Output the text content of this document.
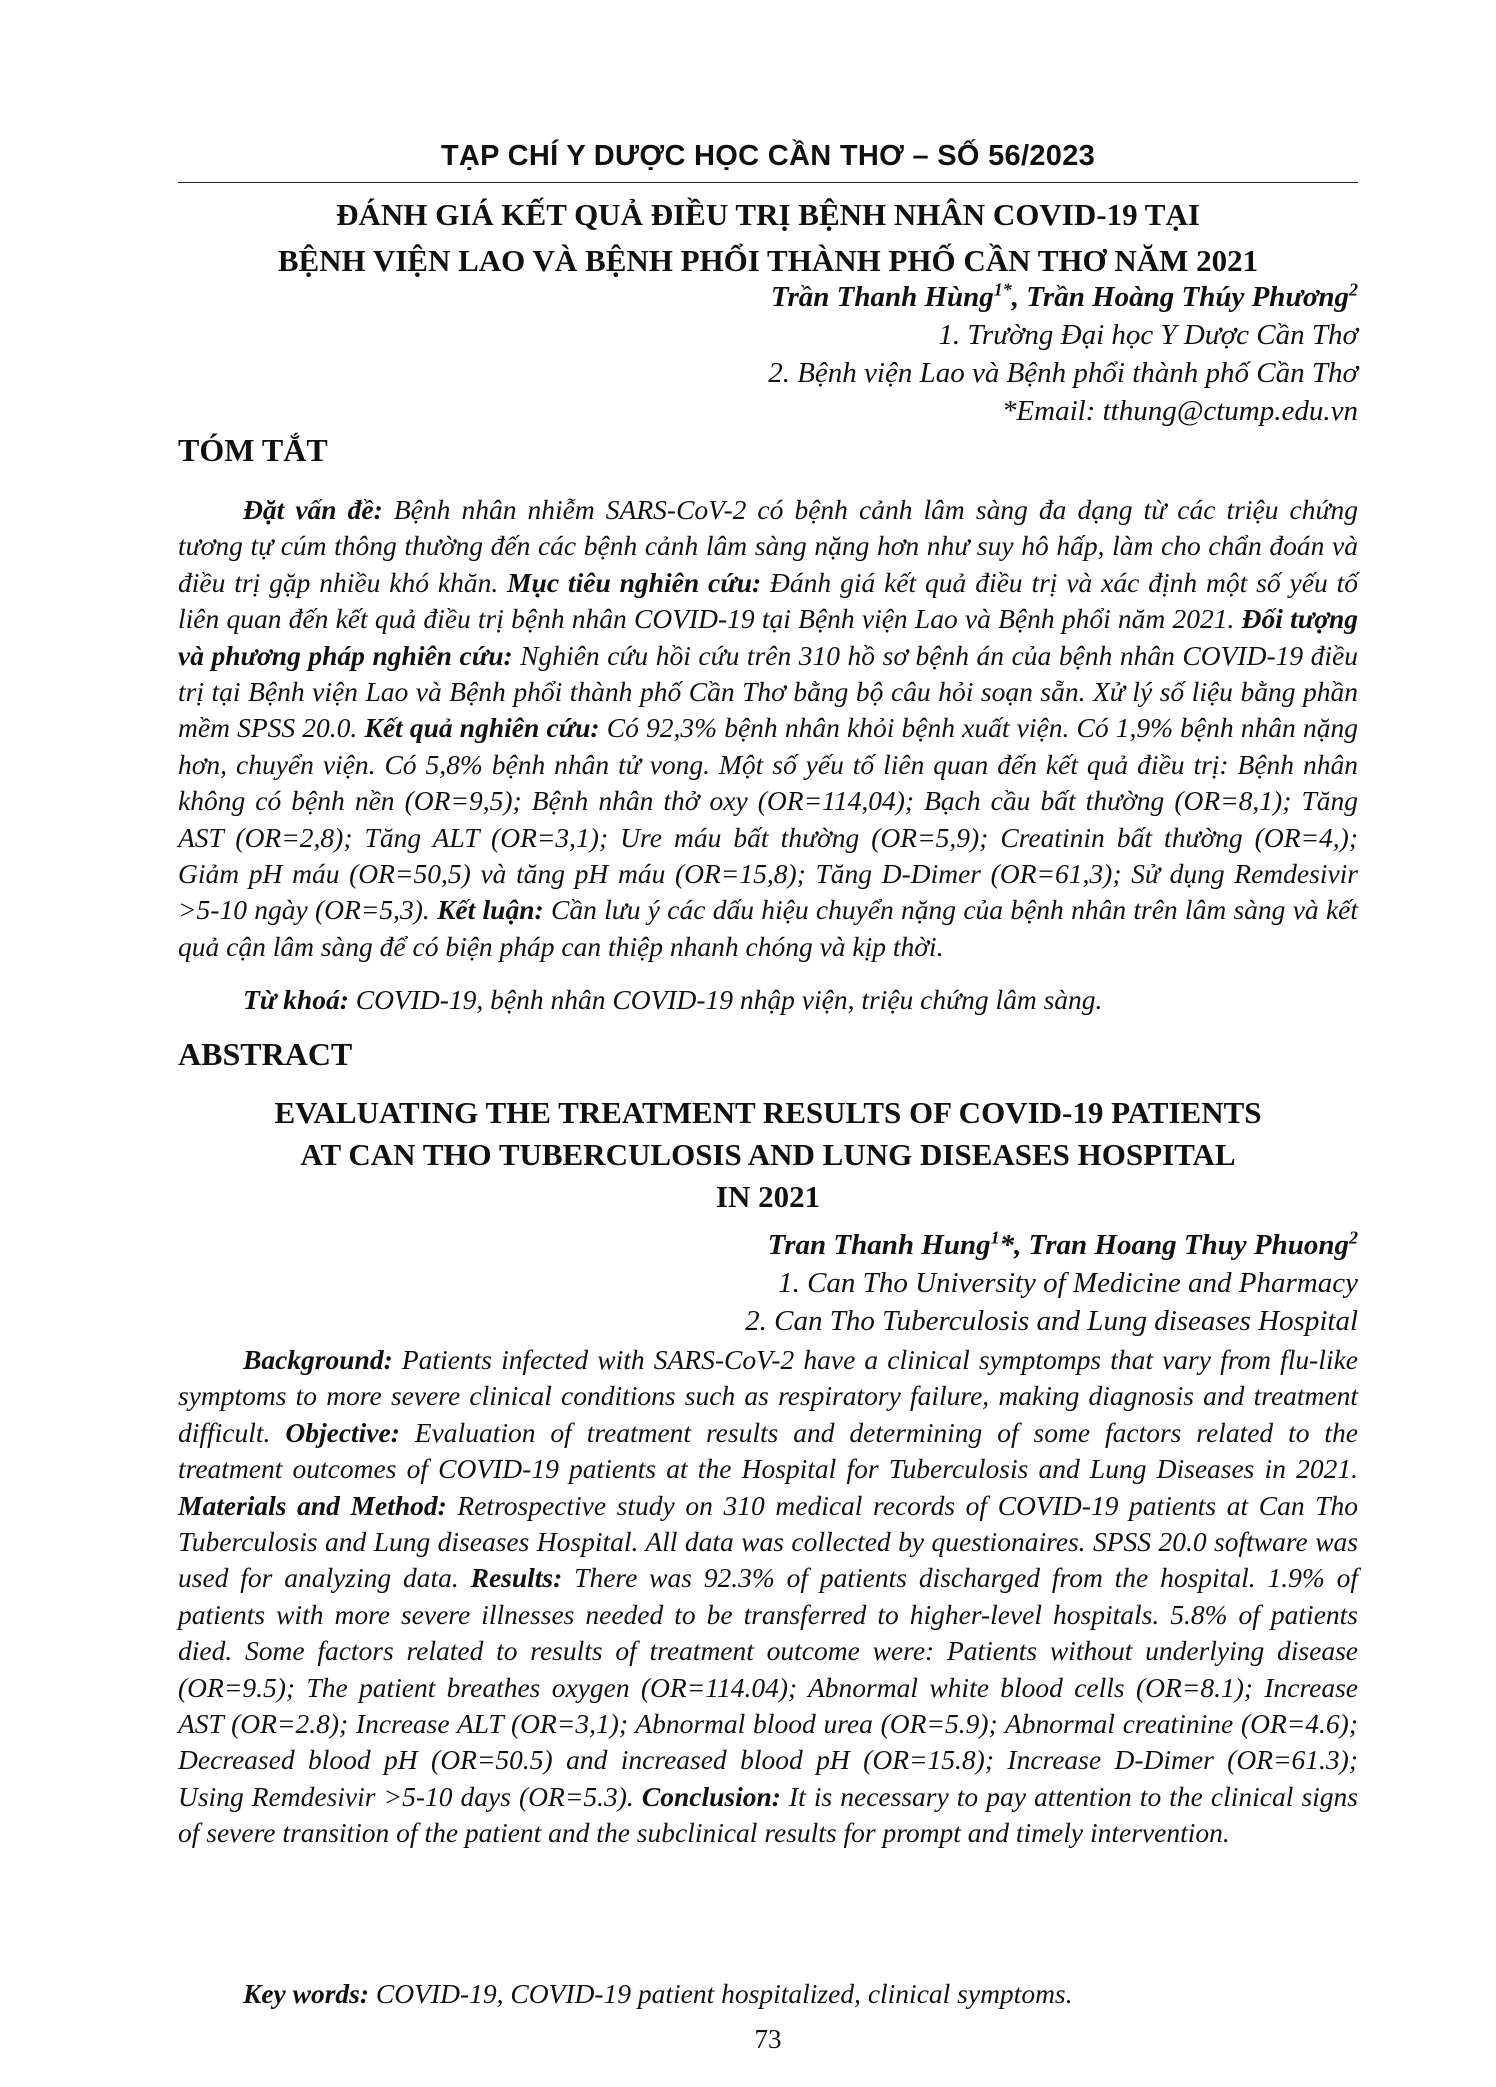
TẠP CHÍ Y DƯỢC HỌC CẦN THƠ – SỐ 56/2023
ĐÁNH GIÁ KẾT QUẢ ĐIỀU TRỊ BỆNH NHÂN COVID-19 TẠI
BỆNH VIỆN LAO VÀ BỆNH PHỔI THÀNH PHỐ CẦN THƠ NĂM 2021
Trần Thanh Hùng$^{1*}$, Trần Hoàng Thúy Phương$^2$
1. Trường Đại học Y Dược Cần Thơ
2. Bệnh viện Lao và Bệnh phổi thành phố Cần Thơ
*Email: tthung@ctump.edu.vn
TÓM TẮT

Đặt vấn đề: Bệnh nhân nhiễm SARS-CoV-2 có bệnh cảnh lâm sàng đa dạng từ các triệu chứng tương tự cúm thông thường đến các bệnh cảnh lâm sàng nặng hơn như suy hô hấp, làm cho chẩn đoán và điều trị gặp nhiều khó khăn. Mục tiêu nghiên cứu: Đánh giá kết quả điều trị và xác định một số yếu tố liên quan đến kết quả điều trị bệnh nhân COVID-19 tại Bệnh viện Lao và Bệnh phổi năm 2021. Đối tượng và phương pháp nghiên cứu: Nghiên cứu hồi cứu trên 310 hồ sơ bệnh án của bệnh nhân COVID-19 điều trị tại Bệnh viện Lao và Bệnh phổi thành phố Cần Thơ bằng bộ câu hỏi soạn sẵn. Xử lý số liệu bằng phần mềm SPSS 20.0. Kết quả nghiên cứu: Có 92,3% bệnh nhân khỏi bệnh xuất viện. Có 1,9% bệnh nhân nặng hơn, chuyển viện. Có 5,8% bệnh nhân tử vong. Một số yếu tố liên quan đến kết quả điều trị: Bệnh nhân không có bệnh nền (OR=9,5); Bệnh nhân thở oxy (OR=114,04); Bạch cầu bất thường (OR=8,1); Tăng AST (OR=2,8); Tăng ALT (OR=3,1); Ure máu bất thường (OR=5,9); Creatinin bất thường (OR=4,); Giảm pH máu (OR=50,5) và tăng pH máu (OR=15,8); Tăng D-Dimer (OR=61,3); Sử dụng Remdesivir >5-10 ngày (OR=5,3). Kết luận: Cần lưu ý các dấu hiệu chuyển nặng của bệnh nhân trên lâm sàng và kết quả cận lâm sàng để có biện pháp can thiệp nhanh chóng và kịp thời.

Từ khoá: COVID-19, bệnh nhân COVID-19 nhập viện, triệu chứng lâm sàng.
ABSTRACT
EVALUATING THE TREATMENT RESULTS OF COVID-19 PATIENTS
AT CAN THO TUBERCULOSIS AND LUNG DISEASES HOSPITAL
IN 2021
Tran Thanh Hung$^1$*, Tran Hoang Thuy Phuong$^2$
1. Can Tho University of Medicine and Pharmacy
2. Can Tho Tuberculosis and Lung diseases Hospital

Background: Patients infected with SARS-CoV-2 have a clinical symptomps that vary from flu-like symptoms to more severe clinical conditions such as respiratory failure, making diagnosis and treatment difficult. Objective: Evaluation of treatment results and determining of some factors related to the treatment outcomes of COVID-19 patients at the Hospital for Tuberculosis and Lung Diseases in 2021. Materials and Method: Retrospective study on 310 medical records of COVID-19 patients at Can Tho Tuberculosis and Lung diseases Hospital. All data was collected by questionaires. SPSS 20.0 software was used for analyzing data. Results: There was 92.3% of patients discharged from the hospital. 1.9% of patients with more severe illnesses needed to be transferred to higher-level hospitals. 5.8% of patients died. Some factors related to results of treatment outcome were: Patients without underlying disease (OR=9.5); The patient breathes oxygen (OR=114.04); Abnormal white blood cells (OR=8.1); Increase AST (OR=2.8); Increase ALT (OR=3,1); Abnormal blood urea (OR=5.9); Abnormal creatinine (OR=4.6); Decreased blood pH (OR=50.5) and increased blood pH (OR=15.8); Increase D-Dimer (OR=61.3); Using Remdesivir >5-10 days (OR=5.3). Conclusion: It is necessary to pay attention to the clinical signs of severe transition of the patient and the subclinical results for prompt and timely intervention.

Key words: COVID-19, COVID-19 patient hospitalized, clinical symptoms.
73
